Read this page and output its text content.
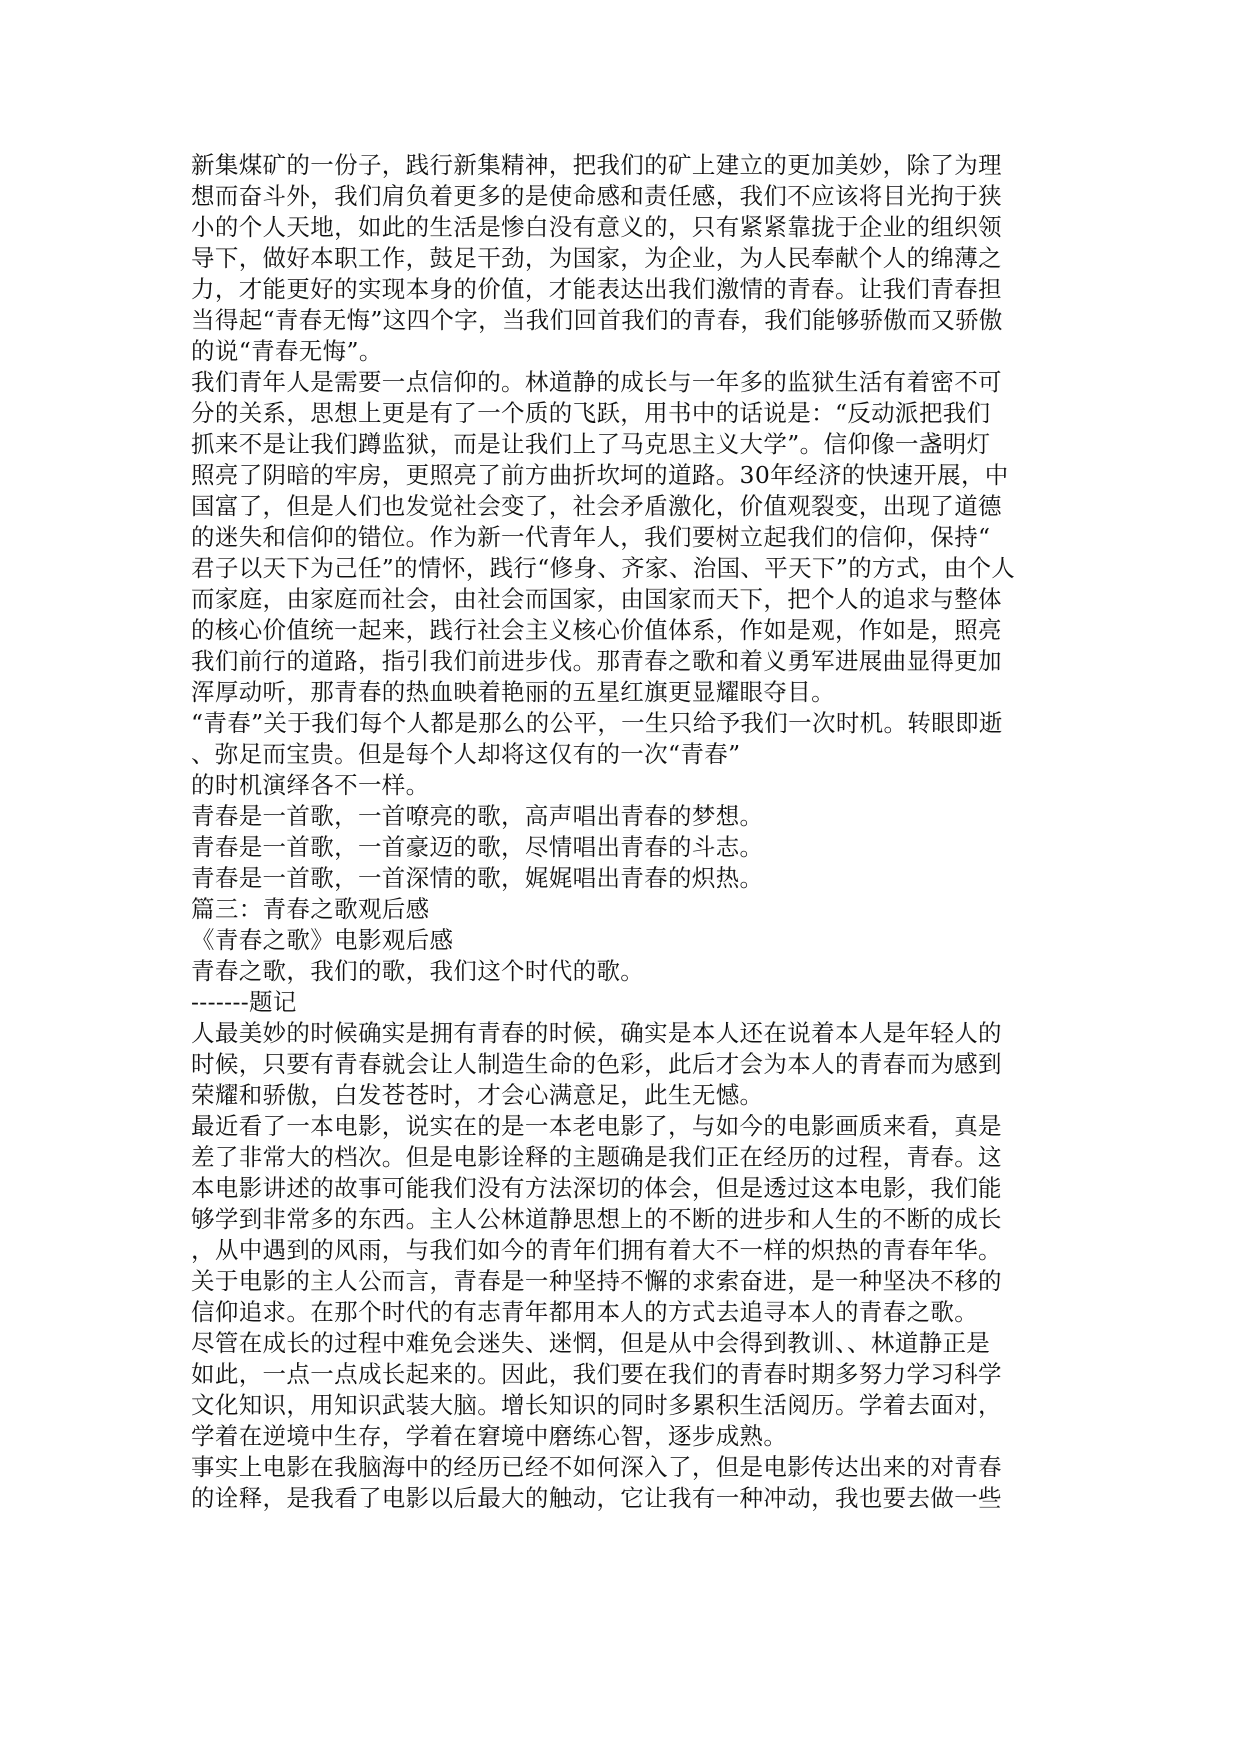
新集煤矿的一份子，践行新集精神，把我们的矿上建立的更加美妙，除了为理
想而奋斗外，我们肩负着更多的是使命感和责任感，我们不应该将目光拘于狭
小的个人天地，如此的生活是惨白没有意义的，只有紧紧靠拢于企业的组织领
导下，做好本职工作，鼓足干劲，为国家，为企业，为人民奉献个人的绵薄之
力，才能更好的实现本身的价值，才能表达出我们激情的青春。让我们青春担
当得起“青春无悔”这四个字，当我们回首我们的青春，我们能够骄傲而又骄傲
的说“青春无悔”。
我们青年人是需要一点信仰的。林道静的成长与一年多的监狱生活有着密不可
分的关系，思想上更是有了一个质的飞跃，用书中的话说是：“反动派把我们
抓来不是让我们蹲监狱，而是让我们上了马克思主义大学”。信仰像一盏明灯
照亮了阴暗的牢房，更照亮了前方曲折坎坷的道路。30年经济的快速开展，中
国富了，但是人们也发觉社会变了，社会矛盾激化，价值观裂变，出现了道德
的迷失和信仰的错位。作为新一代青年人，我们要树立起我们的信仰，保持“
君子以天下为己任”的情怀，践行“修身、齐家、治国、平天下”的方式，由个人
而家庭，由家庭而社会，由社会而国家，由国家而天下，把个人的追求与整体
的核心价值统一起来，践行社会主义核心价值体系，作如是观，作如是，照亮
我们前行的道路，指引我们前进步伐。那青春之歌和着义勇军进展曲显得更加
浑厚动听，那青春的热血映着艳丽的五星红旗更显耀眼夺目。
“青春”关于我们每个人都是那么的公平，一生只给予我们一次时机。转眼即逝
、弥足而宝贵。但是每个人却将这仅有的一次“青春”
的时机演绎各不一样。
青春是一首歌，一首嘹亮的歌，高声唱出青春的梦想。
青春是一首歌，一首豪迈的歌，尽情唱出青春的斗志。
青春是一首歌，一首深情的歌，娓娓唱出青春的炽热。
篇三：青春之歌观后感
《青春之歌》电影观后感
青春之歌，我们的歌，我们这个时代的歌。
-------题记
人最美妙的时候确实是拥有青春的时候，确实是本人还在说着本人是年轻人的
时候，只要有青春就会让人制造生命的色彩，此后才会为本人的青春而为感到
荣耀和骄傲，白发苍苍时，才会心满意足，此生无憾。
最近看了一本电影，说实在的是一本老电影了，与如今的电影画质来看，真是
差了非常大的档次。但是电影诠释的主题确是我们正在经历的过程，青春。这
本电影讲述的故事可能我们没有方法深切的体会，但是透过这本电影，我们能
够学到非常多的东西。主人公林道静思想上的不断的进步和人生的不断的成长
，从中遇到的风雨，与我们如今的青年们拥有着大不一样的炽热的青春年华。
关于电影的主人公而言，青春是一种坚持不懈的求索奋进，是一种坚决不移的
信仰追求。在那个时代的有志青年都用本人的方式去追寻本人的青春之歌。
尽管在成长的过程中难免会迷失、迷惘，但是从中会得到教训、、林道静正是
如此，一点一点成长起来的。因此，我们要在我们的青春时期多努力学习科学
文化知识，用知识武装大脑。增长知识的同时多累积生活阅历。学着去面对，
学着在逆境中生存，学着在窘境中磨练心智，逐步成熟。
事实上电影在我脑海中的经历已经不如何深入了，但是电影传达出来的对青春
的诠释，是我看了电影以后最大的触动，它让我有一种冲动，我也要去做一些
